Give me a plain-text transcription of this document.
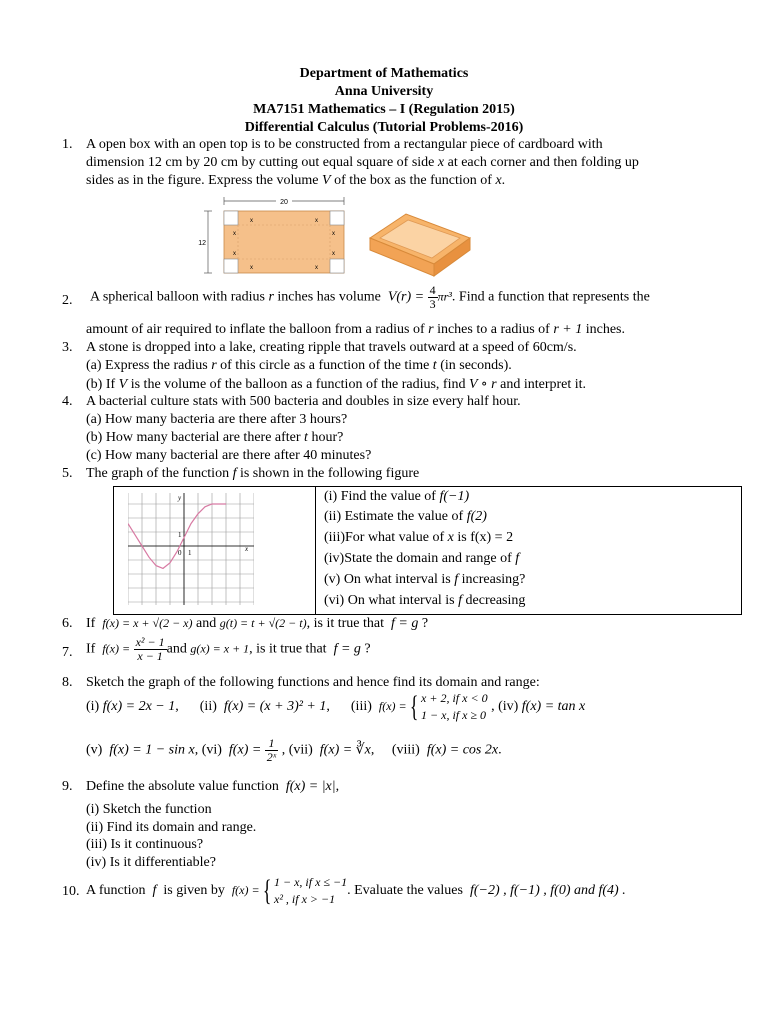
Department of Mathematics
Anna University
MA7151 Mathematics – I (Regulation 2015)
Differential Calculus (Tutorial Problems-2016)
1. A open box with an open top is to be constructed from a rectangular piece of cardboard with
dimension 12 cm by 20 cm by cutting out equal square of side x at each corner and then folding up
sides as in the figure. Express the volume V of the box as the function of x.
20
12
x	x
x	x
x	x
x	x
2. A spherical balloon with radius r inches has volume $V(r) = \frac{4}{3} \pi r^3$. Find a function that represents the
amount of air required to inflate the balloon from a radius of r inches to a radius of r + 1 inches.
3. A stone is dropped into a lake, creating ripple that travels outward at a speed of 60cm/s.
(a) Express the radius r of this circle as a function of the time t (in seconds).
(b) If V is the volume of the balloon as a function of the radius, find V ∘ r and interpret it.
4. A bacterial culture stats with 500 bacteria and doubles in size every half hour.
(a) How many bacteria are there after 3 hours?
(b) How many bacterial are there after t hour?
(c) How many bacterial are there after 40 minutes?
5. The graph of the function f is shown in the following figure
y
x
0 1
1
(i) Find the value of f(−1)
(ii) Estimate the value of f(2)
(iii)For what value of x is f(x) = 2
(iv)State the domain and range of f
(v) On what interval is f increasing?
(vi) On what interval is f decreasing
6. If f(x) = x + √(2 − x) and g(t) = t + √(2 − t), is it true that f = g ?
7. If $f(x) = \frac{\text{x² − 1}}{x - 1}$ and g(x) = x + 1, is it true that f = g ?
8. Sketch the graph of the following functions and hence find its domain and range:
(i) f(x) = 2x − 1, (ii) f(x) = (x + 3)² + 1, (iii) f(x) ={ x + 2, if x < 0
1 − x, if x ≥ 0
, (iv) f(x) = tan x
(v) f(x) = 1 − sin x, (vi) $f(x) = \frac{1}{\text{2ˣ}}$ , (vii) f(x) = ∛x, (viii) f(x) = cos 2x.
9. Define the absolute value function f(x) = |x|,
(i) Sketch the function
(ii) Find its domain and range.
(iii) Is it continuous?
(iv) Is it differentiable?
10. A function f is given by f(x) ={ 1 − x, if x ≤ −1
x² , if x > −1
. Evaluate the values f(−2) , f(−1) , f(0) and f(4) .
